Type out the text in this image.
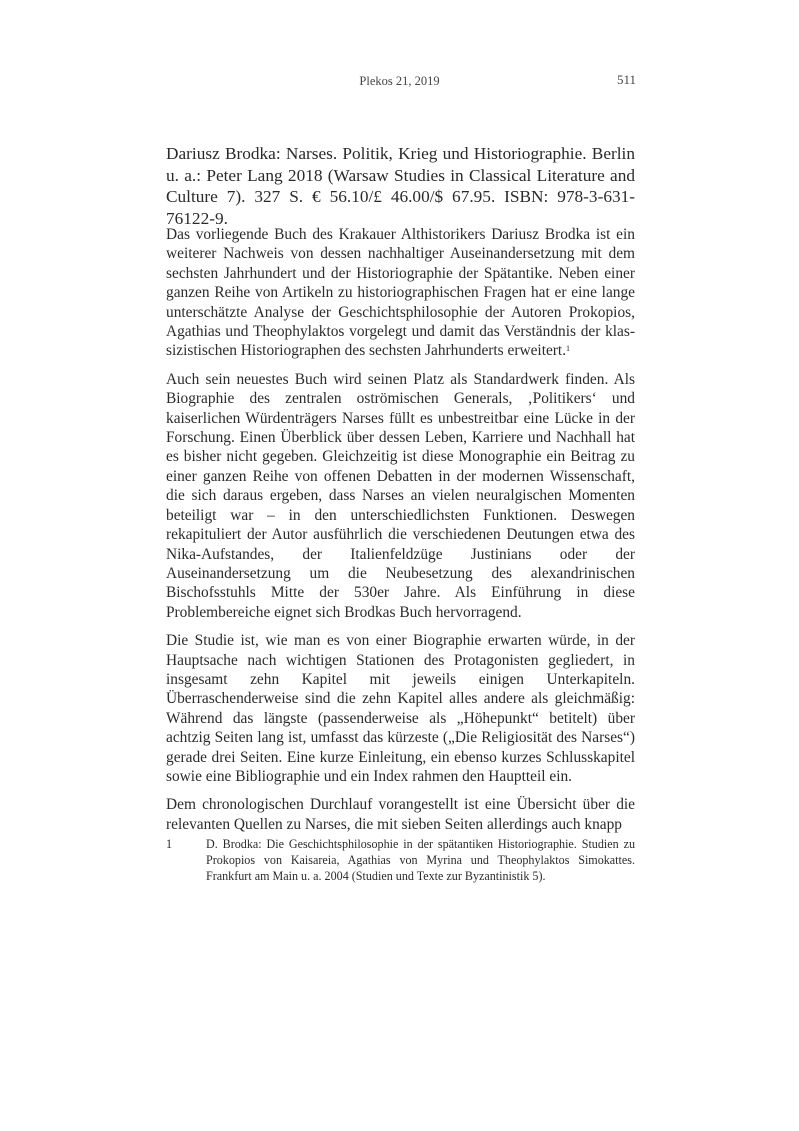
Plekos 21, 2019	511

Dariusz Brodka: Narses. Politik, Krieg und Historiographie. Berlin u. a.: Peter Lang 2018 (Warsaw Studies in Classical Literature and Culture 7). 327 S. € 56.10/£ 46.00/$ 67.95. ISBN: 978-3-631-76122-9.

Das vorliegende Buch des Krakauer Althistorikers Dariusz Brodka ist ein weiterer Nachweis von dessen nachhaltiger Auseinandersetzung mit dem sechsten Jahrhundert und der Historiographie der Spätantike. Neben einer ganzen Reihe von Artikeln zu historiographischen Fragen hat er eine lange unterschätzte Analyse der Geschichtsphilosophie der Autoren Prokopios, Agathias und Theophylaktos vorgelegt und damit das Verständnis der klassizistischen Historiographen des sechsten Jahrhunderts erweitert.$^1$

Auch sein neuestes Buch wird seinen Platz als Standardwerk finden. Als Biographie des zentralen oströmischen Generals, ‚Politikers‘ und kaiserlichen Würdenträgers Narses füllt es unbestreitbar eine Lücke in der Forschung. Einen Überblick über dessen Leben, Karriere und Nachhall hat es bisher nicht gegeben. Gleichzeitig ist diese Monographie ein Beitrag zu einer ganzen Reihe von offenen Debatten in der modernen Wissenschaft, die sich daraus ergeben, dass Narses an vielen neuralgischen Momenten beteiligt war – in den unterschiedlichsten Funktionen. Deswegen rekapituliert der Autor ausführlich die verschiedenen Deutungen etwa des Nika-Aufstandes, der Italienfeldzüge Justinians oder der Auseinandersetzung um die Neubesetzung des alexandrinischen Bischofsstuhls Mitte der 530er Jahre. Als Einführung in diese Problembereiche eignet sich Brodkas Buch hervorragend.

Die Studie ist, wie man es von einer Biographie erwarten würde, in der Hauptsache nach wichtigen Stationen des Protagonisten gegliedert, in insgesamt zehn Kapitel mit jeweils einigen Unterkapiteln. Überraschenderweise sind die zehn Kapitel alles andere als gleichmäßig: Während das längste (passenderweise als „Höhepunkt“ betitelt) über achtzig Seiten lang ist, umfasst das kürzeste („Die Religiosität des Narses“) gerade drei Seiten. Eine kurze Einleitung, ein ebenso kurzes Schlusskapitel sowie eine Bibliographie und ein Index rahmen den Hauptteil ein.

Dem chronologischen Durchlauf vorangestellt ist eine Übersicht über die relevanten Quellen zu Narses, die mit sieben Seiten allerdings auch knapp

1	D. Brodka: Die Geschichtsphilosophie in der spätantiken Historiographie. Studien zu Prokopios von Kaisareia, Agathias von Myrina und Theophylaktos Simokattes. Frankfurt am Main u. a. 2004 (Studien und Texte zur Byzantinistik 5).
